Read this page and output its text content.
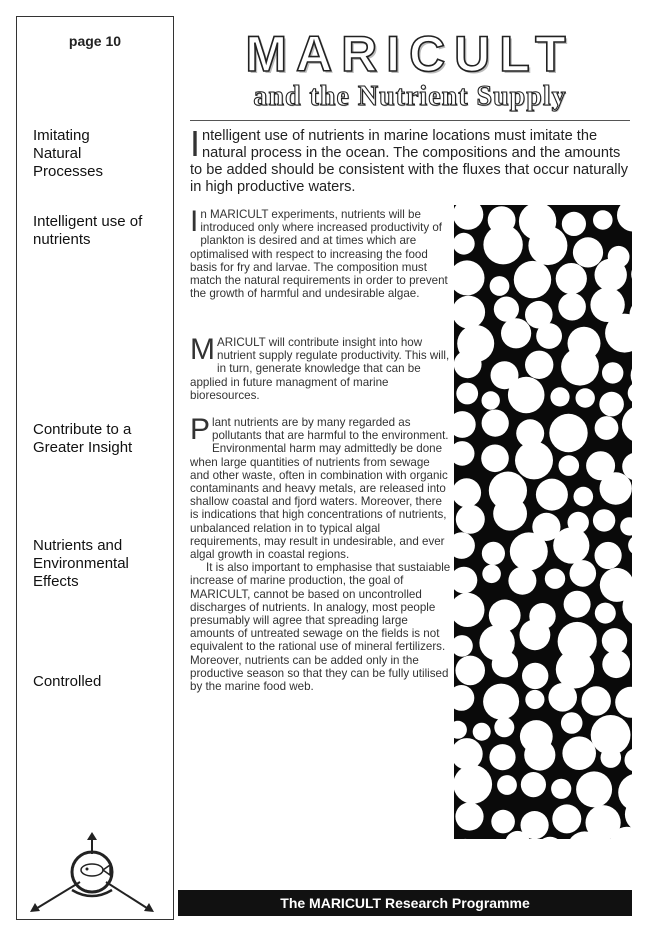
page 10
Imitating Natural Processes
Intelligent use of nutrients
Contribute to a Greater Insight
Nutrients and Environmental Effects
Controlled
MARICULT
and the Nutrient Supply
Intelligent use of nutrients in marine locations must imitate the natural process in the ocean. The compositions and the amounts to be added should be consistent with the fluxes that occur naturally in high productive waters.
In MARICULT experiments, nutrients will be introduced only where increased productivity of plankton is desired and at times which are optimalised with respect to increasing the food basis for fry and larvae. The composition must match the natural requirements in order to prevent the growth of harmful and undesirable algae.
MARICULT will contribute insight into how nutrient supply regulate productivity. This will, in turn, generate knowledge that can be applied in future managment of marine bioresources.
Plant nutrients are by many regarded as pollutants that are harmful to the environment. Environmental harm may admittedly be done when large quantities of nutrients from sewage and other waste, often in combination with organic contaminants and heavy metals, are released into shallow coastal and fjord waters. Moreover, there is indications that high concentrations of nutrients, unbalanced relation in to typical algal requirements, may result in undesirable, and ever algal growth in coastal regions.
It is also important to emphasise that sustaiable increase of marine production, the goal of MARICULT, cannot be based on uncontrolled discharges of nutrients. In analogy, most people presumably will agree that spreading large amounts of untreated sewage on the fields is not equivalent to the rational use of mineral fertilizers. Moreover, nutrients can be added only in the productive season so that they can be fully utilised by the marine food web.
The MARICULT Research Programme
